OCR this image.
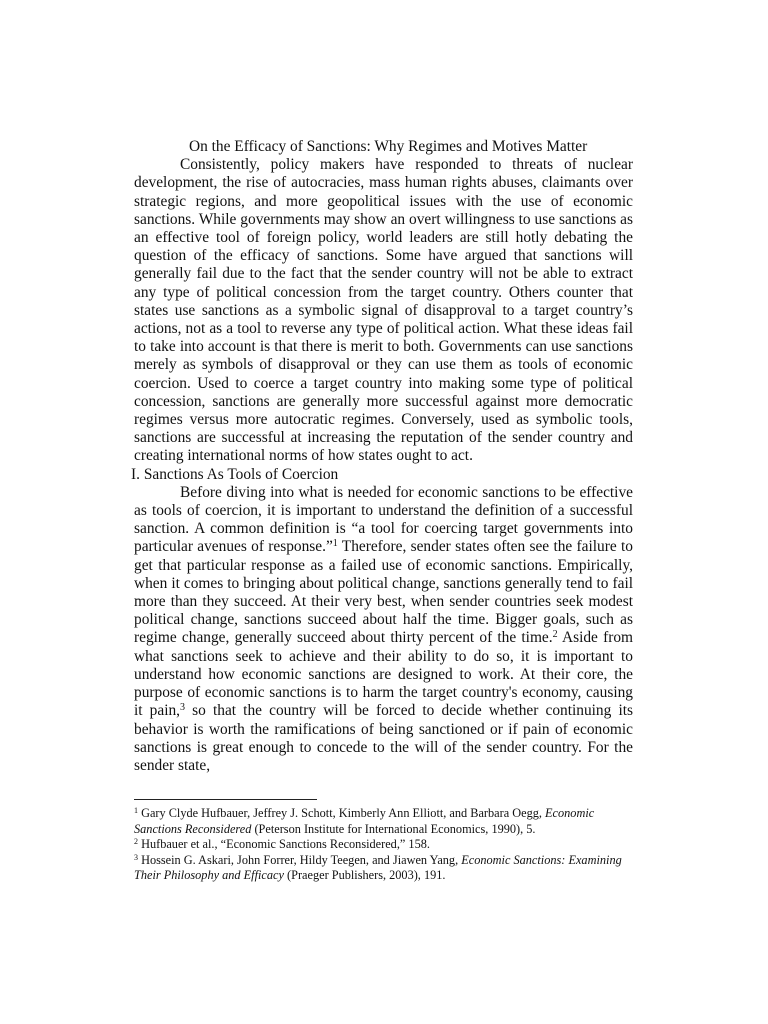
On the Efficacy of Sanctions: Why Regimes and Motives Matter

Consistently, policy makers have responded to threats of nuclear development, the rise of autocracies, mass human rights abuses, claimants over strategic regions, and more geopolitical issues with the use of economic sanctions. While governments may show an overt willingness to use sanctions as an effective tool of foreign policy, world leaders are still hotly debating the question of the efficacy of sanctions. Some have argued that sanctions will generally fail due to the fact that the sender country will not be able to extract any type of political concession from the target country. Others counter that states use sanctions as a symbolic signal of disapproval to a target country’s actions, not as a tool to reverse any type of political action. What these ideas fail to take into account is that there is merit to both. Governments can use sanctions merely as symbols of disapproval or they can use them as tools of economic coercion. Used to coerce a target country into making some type of political concession, sanctions are generally more successful against more democratic regimes versus more autocratic regimes. Conversely, used as symbolic tools, sanctions are successful at increasing the reputation of the sender country and creating international norms of how states ought to act.

I. Sanctions As Tools of Coercion

Before diving into what is needed for economic sanctions to be effective as tools of coercion, it is important to understand the definition of a successful sanction. A common definition is “a tool for coercing target governments into particular avenues of response.”$^1$ Therefore, sender states often see the failure to get that particular response as a failed use of economic sanctions. Empirically, when it comes to bringing about political change, sanctions generally tend to fail more than they succeed. At their very best, when sender countries seek modest political change, sanctions succeed about half the time. Bigger goals, such as regime change, generally succeed about thirty percent of the time.$^2$ Aside from what sanctions seek to achieve and their ability to do so, it is important to understand how economic sanctions are designed to work. At their core, the purpose of economic sanctions is to harm the target country's economy, causing it pain,$^3$ so that the country will be forced to decide whether continuing its behavior is worth the ramifications of being sanctioned or if pain of economic sanctions is great enough to concede to the will of the sender country. For the sender state,

$^1$ Gary Clyde Hufbauer, Jeffrey J. Schott, Kimberly Ann Elliott, and Barbara Oegg, Economic Sanctions Reconsidered (Peterson Institute for International Economics, 1990), 5.

$^2$ Hufbauer et al., “Economic Sanctions Reconsidered,” 158.

$^3$ Hossein G. Askari, John Forrer, Hildy Teegen, and Jiawen Yang, Economic Sanctions: Examining Their Philosophy and Efficacy (Praeger Publishers, 2003), 191.
